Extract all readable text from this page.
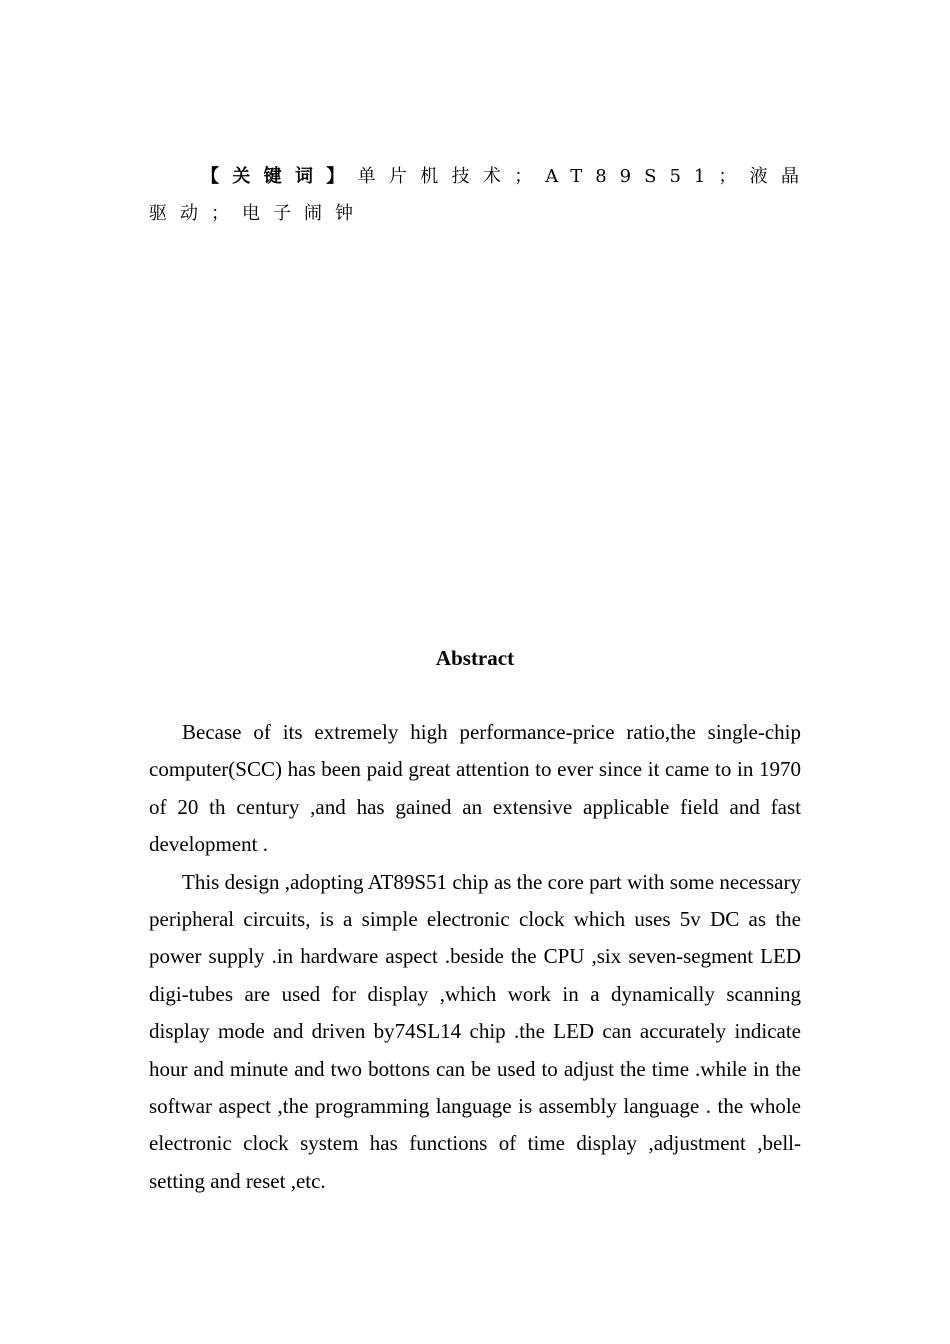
【关键词】单片机技术；AT89S51；液晶驱动；电子闹钟
Abstract

Becase of its extremely high performance-price ratio,the single-chip computer(SCC) has been paid great attention to ever since it came to in 1970 of 20 th century ,and has gained an extensive applicable field and fast development .

This design ,adopting AT89S51 chip as the core part with some necessary peripheral circuits, is a simple electronic clock which uses 5v DC as the power supply .in hardware aspect .beside the CPU ,six seven-segment LED digi-tubes are used for display ,which work in a dynamically scanning display mode and driven by74SL14 chip .the LED can accurately indicate hour and minute and two bottons can be used to adjust the time .while in the softwar aspect ,the programming language is assembly language . the whole electronic clock system has functions of time display ,adjustment ,bell-setting and reset ,etc.
